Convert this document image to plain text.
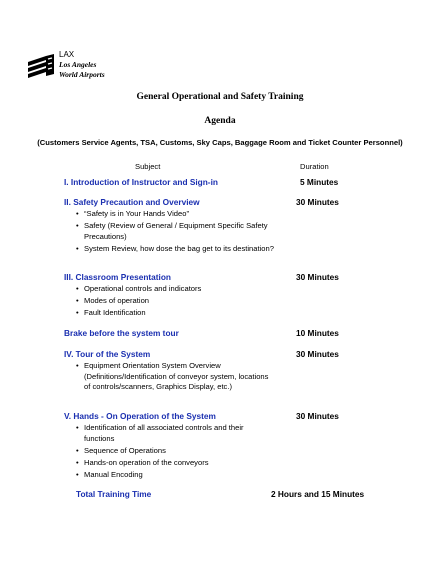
LAX
Los Angeles
World Airports
General Operational and Safety Training
Agenda
(Customers Service Agents, TSA, Customs, Sky Caps, Baggage Room and Ticket Counter Personnel)
Subject	Duration
I. Introduction of Instructor and Sign-in	5 Minutes
II. Safety Precaution and Overview	30 Minutes
• “Safety is in Your Hands Video”
• Safety (Review of General / Equipment Specific Safety Precautions)
• System Review, how dose the bag get to its destination?
III. Classroom Presentation	30 Minutes
• Operational controls and indicators
• Modes of operation
• Fault Identification
Brake before the system tour	10 Minutes
IV. Tour of the System	30 Minutes
• Equipment Orientation System Overview (Definitions/Identification of conveyor system, locations of controls/scanners, Graphics Display, etc.)
V. Hands - On Operation of the System	30 Minutes
• Identification of all associated controls and their functions
• Sequence of Operations
• Hands-on operation of the conveyors
• Manual Encoding
Total Training Time	2 Hours and 15 Minutes
